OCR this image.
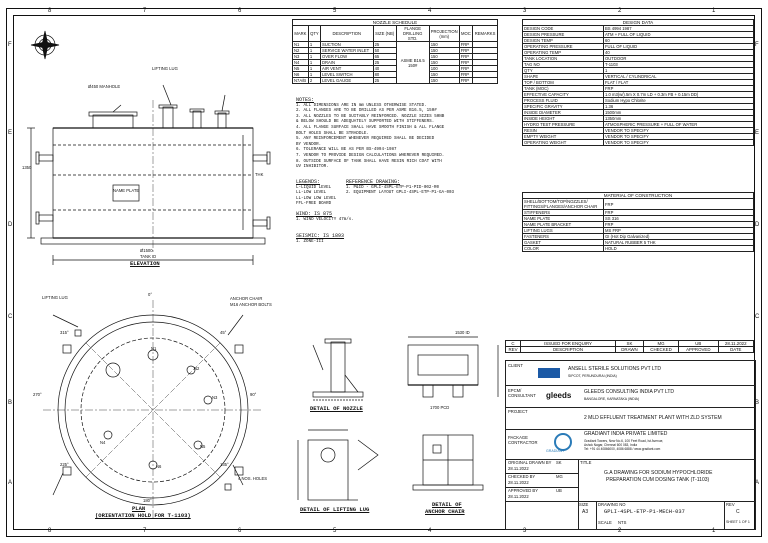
8	7	6	5	4	3	2	1
8	7	6	5	4	3	2	1
F
E
D
C
B
A
F
E
D
C
B
A
ELEVATION
Ø1500
TANK ID
1350
LIFTING LUG
Ø450 MANHOLE
NAME PLATE
THK
LIFTING LUG	ANCHOR CHAIR
M16 ANCHOR BOLTS
4 NOS. HOLES
N1
N2
N3
N4
N5
N6
0°
45°
90°
135°
180°
225°
270°
315°
PLAN
(ORIENTATION HOLD FOR T-1103)
DETAIL OF NOZZLE
1530 ID
1700 PCD
DETAIL OF LIFTING LUG
DETAIL OF
ANCHOR CHAIR
NOZZLE SCHEDULE							
MARK	QTY	DESCRIPTION	SIZE (NB)	FLANGE DRILLING STD.	PROJECTION (mm)	MOC	REMARKS
N1	1	SUCTION	25	ASME B16.5 150#	150	FRP	
N2	1	SERVICE WATER INLET	50		150	FRP	
N3	1	OVER FLOW	65		150	FRP	
N4	1	DRAIN	25		150	FRP	
N5	1	AIR VENT	40		100	FRP	
N6	1	LEVEL SWITCH	80		150	FRP	
N7A/B	2	LEVEL GAUGE	25		150	FRP	
NOTES:
1. ALL DIMENSIONS ARE IN mm UNLESS OTHERWISE STATED.
2. ALL FLANGES ARE TO BE DRILLED AS PER ASME B16.5, 150#
3. ALL NOZZLES TO BE SUITABLY REINFORCED. NOZZLE SIZES 50NB
& BELOW SHOULD BE ADEQUATELY SUPPORTED WITH STIFFENERS.
4. ALL FLANGE SURFACE SHALL HAVE SMOOTH FINISH & ALL FLANGE
BOLT HOLES SHALL BE STRADDLE.
5. ANY REINFORCEMENT WHENEVER REQUIRED SHALL BE DECIDED
BY VENDOR.
6. TOLERANCE WILL BE AS PER BS-4994-1987
7. VENDOR TO PROVIDE DESIGN CALCULATIONS WHEREVER REQUIRED.
8. OUTSIDE SURFACE OF TANK SHALL HAVE RESIN RICH COAT WITH
UV INHIBITOR.
LEGENDS:
L-LIQUID LEVEL
LL-LOW LEVEL
LL-LOW LOW LEVEL
FFL-FREE BOARD
REFERENCE DRAWING:
1. P&ID - GPLI-4SPL-ETP-P1-PID-002-R0
2. EQUIPMENT LAYOUT GPLI-4SPL-ETP-P1-GA-003
WIND: IS 875
1. WIND VELOCITY 47m/s.
SEISMIC: IS 1893
1. ZONE-III
DESIGN DATA	
DESIGN CODE	BS 4994 1987
DESIGN PRESSURE	ATM + FULL OF LIQUID
DESIGN TEMP	60
OPERATING PRESSURE	FULL OF LIQUID
OPERATING TEMP	40
TANK LOCATION	OUTDOOR
TAG NO	T-1103
QTY	1
SHAPE	VERTICAL / CYLINDRICAL
TOP / BOTTOM	FLAT / FLAT
TANK (MOC)	FRP
EFFECTIVE CAPACITY	1.0 m3(w/).5m X 0.7m LD + 0.3m FB + 0.15m DD)
PROCESS FLUID	Sodium Hypo Chlorite
SPECIFIC GRAVITY	1.36
INSIDE DIAMETER	1500mm
INSIDE HEIGHT	1350mm
HYDRO TEST PRESSURE	ATMOSPHERIC PRESSURE + FULL OF WATER
RESIN	VENDOR TO SPECIFY
EMPTY WEIGHT	VENDOR TO SPECIFY
OPERATING WEIGHT	VENDOR TO SPECIFY
MATERIAL OF CONSTRUCTION	
SHELL/BOTTOM/TOP/NOZZLES/ FITTINGS/FLANGES/ANCHOR CHAIR	FRP
STIFFENERS	FRP
NAME PLATE	SS 316
NAME PLATE BRACKET	FRP
LIFTING LUGS	MS FRP
FASTENERS	GI (Hot Dip Galvanized)
GASKET	NATURAL RUBBER 5 THK
COLOR	HOLD
C	ISSUED FOR ENQUIRY	SK	MG	UB	28.11.2022
REV	DESCRIPTION	DRAWN	CHECKED	APPROVED	DATE
CLIENT
ANSELL STERILE SOLUTIONS PVT LTD
SIPCOT, PERUNDURAI (INDIA)
EPCM/ CONSULTANT gleeds	GLEEDS CONSULTING INDIA PVT LTD
BANGALORE, KARNATAKA (INDIA)
PROJECT
2 MLD EFFLUENT TREATMENT PLANT WITH ZLD SYSTEM
PACKAGE CONTRACTOR
GRADIANT
GRADIANT INDIA PRIVATE LIMITED
Gradiant Towers, New No.6, 100 Feet Road, Ist Avenue,
Ashok Nagar, Chennai 600 083, India
Tel: +91 44 40866000, 4086 6888 / www.gradiant.com
ORIGINAL DRAWN BY SK
28.11.2022
CHECKED BY	MG
28.11.2022
APPROVED BY	UB
28.11.2022
TITLE
G.A DRAWING FOR SODIUM HYPOCHLORIDE
PREPARATION CUM DOSING TANK (T-1103)
SIZE
A3
DRAWING NO
GPLI-4SPL-ETP-P1-MECH-037
SCALE NTS
REV
C
SHEET 1 OF 1
